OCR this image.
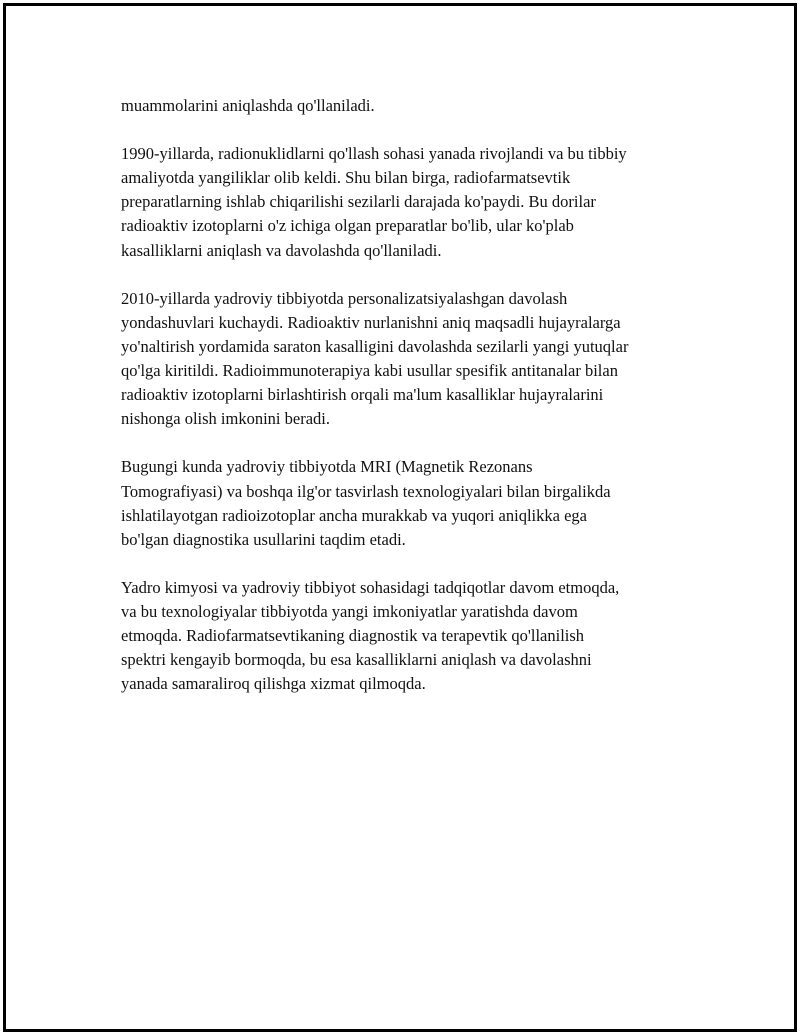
muammolarini aniqlashda qo'llaniladi.

1990-yillarda, radionuklidlarni qo'llash sohasi yanada rivojlandi va bu tibbiy
amaliyotda yangiliklar olib keldi. Shu bilan birga, radiofarmatsevtik
preparatlarning ishlab chiqarilishi sezilarli darajada ko'paydi. Bu dorilar
radioaktiv izotoplarni o'z ichiga olgan preparatlar bo'lib, ular ko'plab
kasalliklarni aniqlash va davolashda qo'llaniladi.

2010-yillarda yadroviy tibbiyotda personalizatsiyalashgan davolash
yondashuvlari kuchaydi. Radioaktiv nurlanishni aniq maqsadli hujayralarga
yo'naltirish yordamida saraton kasalligini davolashda sezilarli yangi yutuqlar
qo'lga kiritildi. Radioimmunoterapiya kabi usullar spesifik antitanalar bilan
radioaktiv izotoplarni birlashtirish orqali ma'lum kasalliklar hujayralarini
nishonga olish imkonini beradi.

Bugungi kunda yadroviy tibbiyotda MRI (Magnetik Rezonans
Tomografiyasi) va boshqa ilg'or tasvirlash texnologiyalari bilan birgalikda
ishlatilayotgan radioizotoplar ancha murakkab va yuqori aniqlikka ega
bo'lgan diagnostika usullarini taqdim etadi.

Yadro kimyosi va yadroviy tibbiyot sohasidagi tadqiqotlar davom etmoqda,
va bu texnologiyalar tibbiyotda yangi imkoniyatlar yaratishda davom
etmoqda. Radiofarmatsevtikaning diagnostik va terapevtik qo'llanilish
spektri kengayib bormoqda, bu esa kasalliklarni aniqlash va davolashni
yanada samaraliroq qilishga xizmat qilmoqda.
